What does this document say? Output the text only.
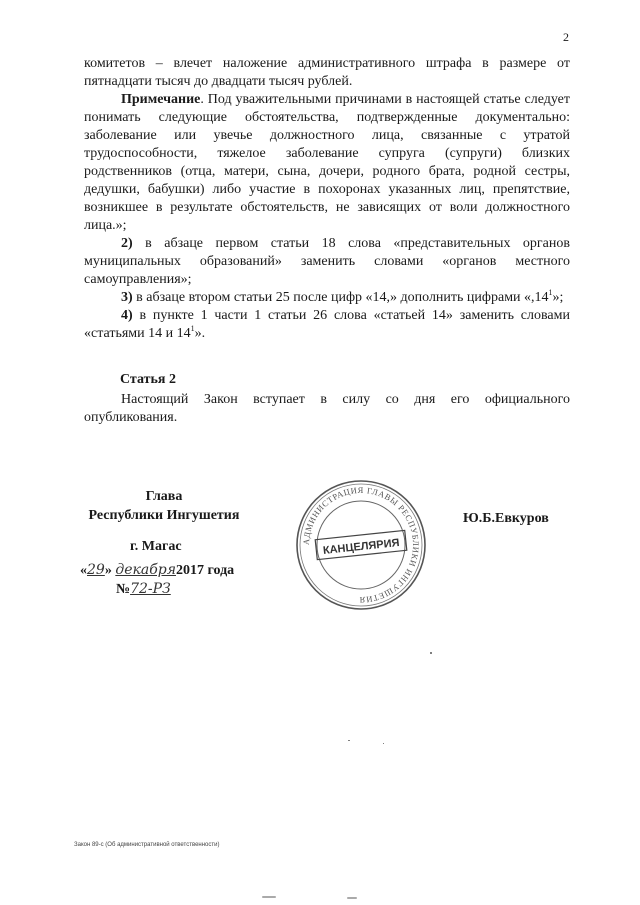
2

комитетов – влечет наложение административного штрафа в размере от пятнадцати тысяч до двадцати тысяч рублей.

Примечание. Под уважительными причинами в настоящей статье следует понимать следующие обстоятельства, подтвержденные документально: заболевание или увечье должностного лица, связанные с утратой трудоспособности, тяжелое заболевание супруга (супруги) близких родственников (отца, матери, сына, дочери, родного брата, родной сестры, дедушки, бабушки) либо участие в похоронах указанных лиц, препятствие, возникшее в результате обстоятельств, не зависящих от воли должностного лица.»;

2) в абзаце первом статьи 18 слова «представительных органов муниципальных образований» заменить словами «органов местного самоуправления»;

3) в абзаце втором статьи 25 после цифр «14,» дополнить цифрами «$,14^1$»;

4) в пункте 1 части 1 статьи 26 слова «статьей 14» заменить словами «статьями 14 и $14^1$».

Статья 2

Настоящий Закон вступает в силу со дня его официального опубликования.

Глава
Республики Ингушетия
г. Магас
«29» декабря2017 года
№72-РЗ
Ю.Б.Евкуров
АДМИНИСТРАЦИЯ ГЛАВЫ РЕСПУБЛИКИ ИНГУШЕТИЯ
КАНЦЕЛЯРИЯ
Закон 89-с (Об административной ответственности)
